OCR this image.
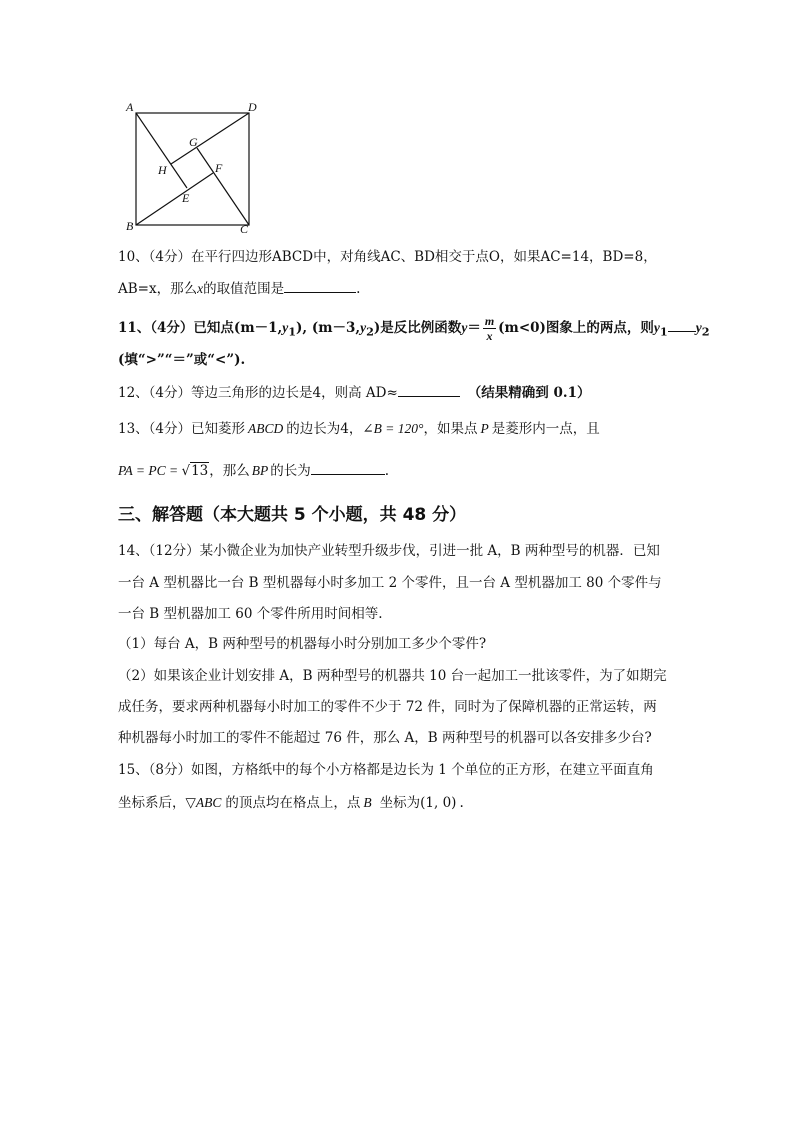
A	D
B	C
G
H	F
E
10、（4分）在平行四边形ABCD中，对角线AC、BD相交于点O，如果AC=14，BD=8，
AB=x，那么x的取值范围是	.
11、（4分）已知点$(m-1,y_1)$, $(m-3,y_2)$是反比例函数$y= \frac{m}{x} (m<0)$图象上的两点，则$y_1$ $y_2$
(填“>”“＝”或“<”).
12、（4分）等边三角形的边长是4，则高 AD≈	（结果精确到 0.1）
13、（4分）已知菱形 ABCD 的边长为4，∠B = 120°，如果点 P 是菱形内一点，且
PA = PC = √13，那么 BP 的长为	.
三、解答题（本大题共 5 个小题，共 48 分）
14、（12分）某小微企业为加快产业转型升级步伐，引进一批 A，B 两种型号的机器．已知
一台 A 型机器比一台 B 型机器每小时多加工 2 个零件，且一台 A 型机器加工 80 个零件与
一台 B 型机器加工 60 个零件所用时间相等.
（1）每台 A，B 两种型号的机器每小时分别加工多少个零件?
（2）如果该企业计划安排 A，B 两种型号的机器共 10 台一起加工一批该零件，为了如期完
成任务，要求两种机器每小时加工的零件不少于 72 件，同时为了保障机器的正常运转，两
种机器每小时加工的零件不能超过 76 件，那么 A，B 两种型号的机器可以各安排多少台?
15、（8分）如图，方格纸中的每个小方格都是边长为 1 个单位的正方形，在建立平面直角
坐标系后，▽ABC 的顶点均在格点上，点 B 坐标为(1, 0) .
